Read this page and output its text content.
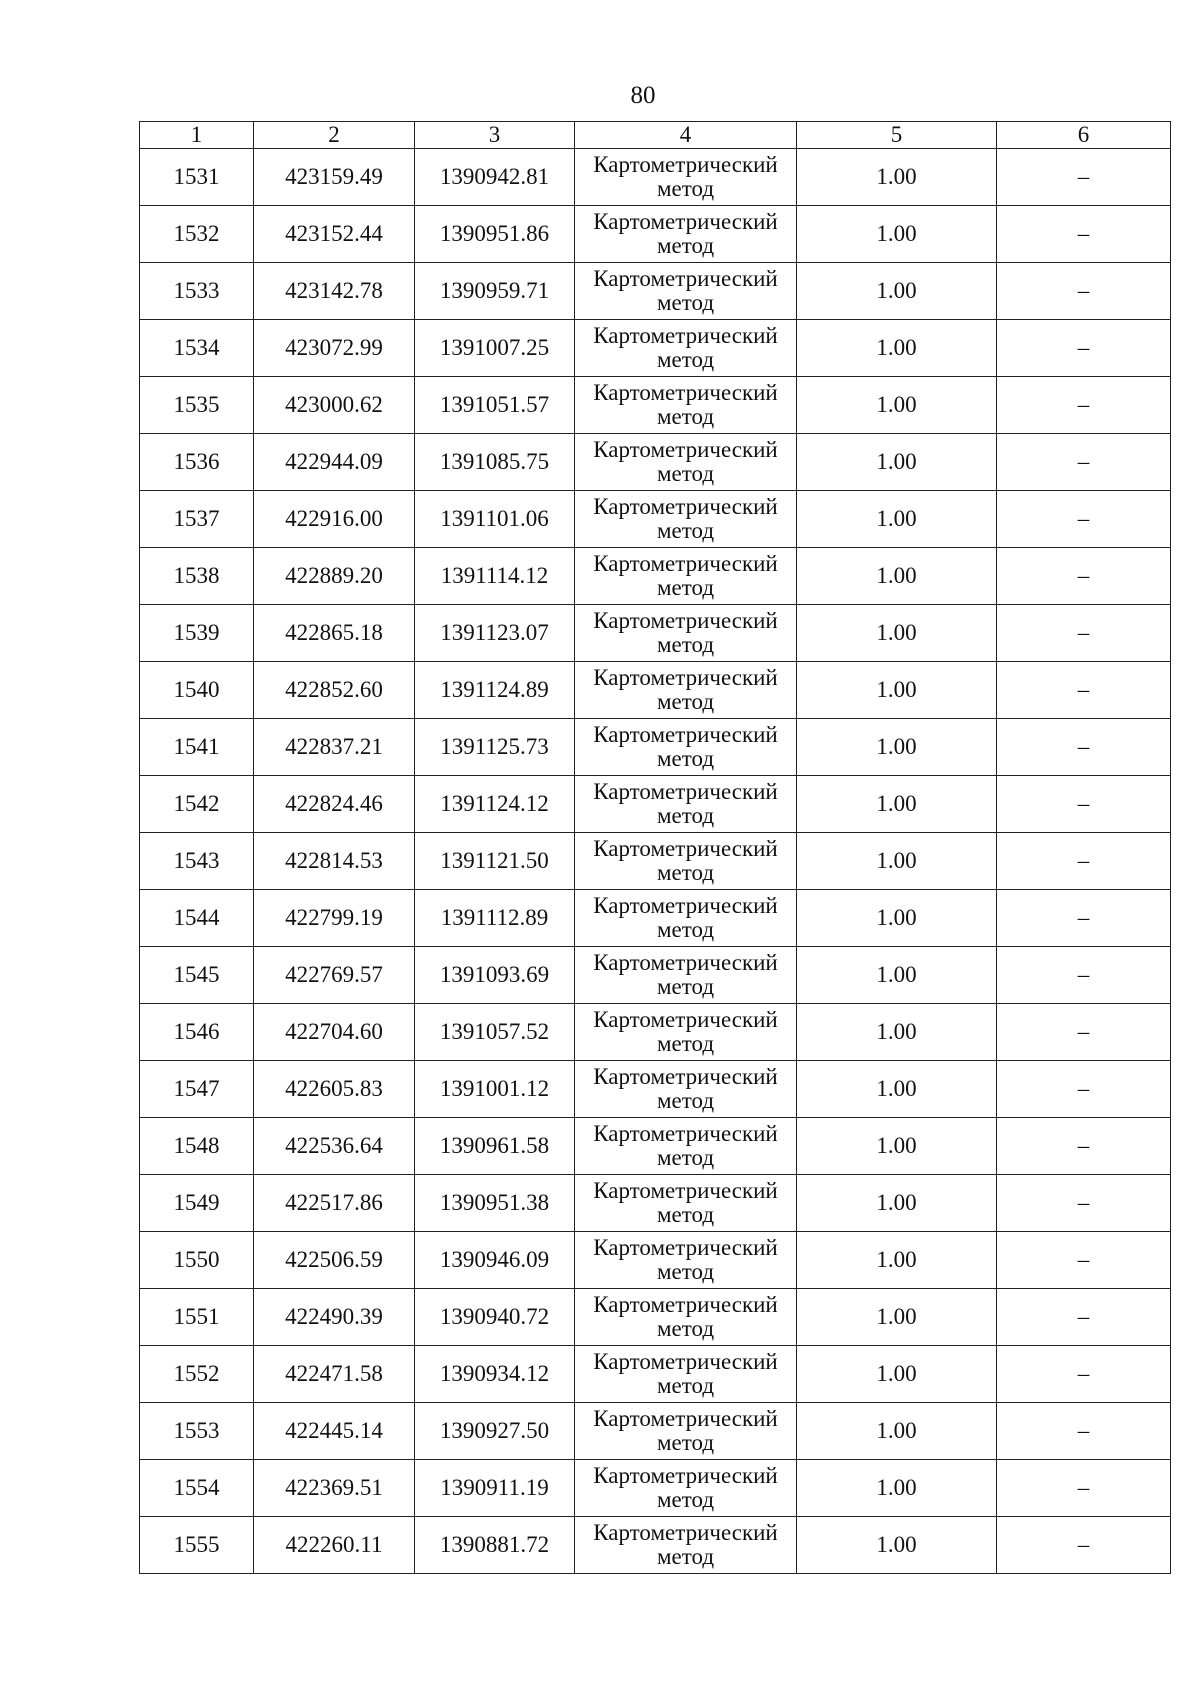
80
1	2	3	4	5	6
1531	423159.49	1390942.81	Картометрический
метод	1.00	–
1532	423152.44	1390951.86	Картометрический
метод	1.00	–
1533	423142.78	1390959.71	Картометрический
метод	1.00	–
1534	423072.99	1391007.25	Картометрический
метод	1.00	–
1535	423000.62	1391051.57	Картометрический
метод	1.00	–
1536	422944.09	1391085.75	Картометрический
метод	1.00	–
1537	422916.00	1391101.06	Картометрический
метод	1.00	–
1538	422889.20	1391114.12	Картометрический
метод	1.00	–
1539	422865.18	1391123.07	Картометрический
метод	1.00	–
1540	422852.60	1391124.89	Картометрический
метод	1.00	–
1541	422837.21	1391125.73	Картометрический
метод	1.00	–
1542	422824.46	1391124.12	Картометрический
метод	1.00	–
1543	422814.53	1391121.50	Картометрический
метод	1.00	–
1544	422799.19	1391112.89	Картометрический
метод	1.00	–
1545	422769.57	1391093.69	Картометрический
метод	1.00	–
1546	422704.60	1391057.52	Картометрический
метод	1.00	–
1547	422605.83	1391001.12	Картометрический
метод	1.00	–
1548	422536.64	1390961.58	Картометрический
метод	1.00	–
1549	422517.86	1390951.38	Картометрический
метод	1.00	–
1550	422506.59	1390946.09	Картометрический
метод	1.00	–
1551	422490.39	1390940.72	Картометрический
метод	1.00	–
1552	422471.58	1390934.12	Картометрический
метод	1.00	–
1553	422445.14	1390927.50	Картометрический
метод	1.00	–
1554	422369.51	1390911.19	Картометрический
метод	1.00	–
1555	422260.11	1390881.72	Картометрический
метод	1.00	–
